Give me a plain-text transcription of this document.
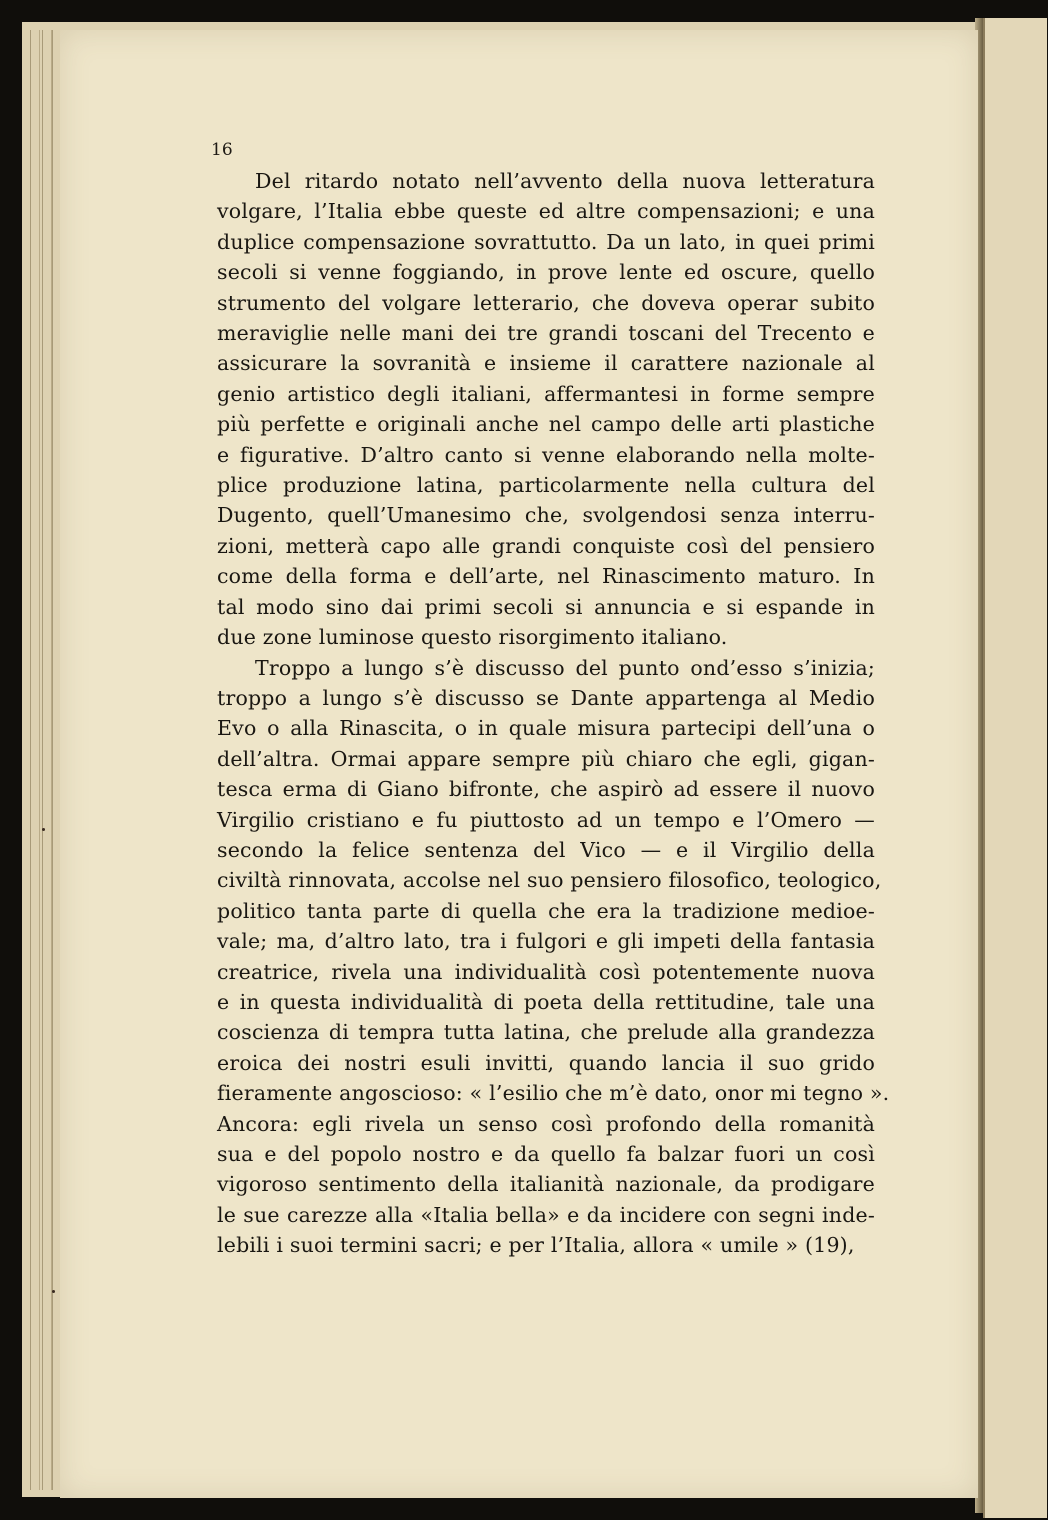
16
Del ritardo notato nell’avvento della nuova letteratura
volgare, l’Italia ebbe queste ed altre compensazioni; e una
duplice compensazione sovrattutto. Da un lato, in quei primi
secoli si venne foggiando, in prove lente ed oscure, quello
strumento del volgare letterario, che doveva operar subito
meraviglie nelle mani dei tre grandi toscani del Trecento e
assicurare la sovranità e insieme il carattere nazionale al
genio artistico degli italiani, affermantesi in forme sempre
più perfette e originali anche nel campo delle arti plastiche
e figurative. D’altro canto si venne elaborando nella molte-
plice produzione latina, particolarmente nella cultura del
Dugento, quell’Umanesimo che, svolgendosi senza interru-
zioni, metterà capo alle grandi conquiste così del pensiero
come della forma e dell’arte, nel Rinascimento maturo. In
tal modo sino dai primi secoli si annuncia e si espande in
due zone luminose questo risorgimento italiano.
Troppo a lungo s’è discusso del punto ond’esso s’inizia;
troppo a lungo s’è discusso se Dante appartenga al Medio
Evo o alla Rinascita, o in quale misura partecipi dell’una o
dell’altra. Ormai appare sempre più chiaro che egli, gigan-
tesca erma di Giano bifronte, che aspirò ad essere il nuovo
Virgilio cristiano e fu piuttosto ad un tempo e l’Omero —
secondo la felice sentenza del Vico — e il Virgilio della
civiltà rinnovata, accolse nel suo pensiero filosofico, teologico,
politico tanta parte di quella che era la tradizione medioe-
vale; ma, d’altro lato, tra i fulgori e gli impeti della fantasia
creatrice, rivela una individualità così potentemente nuova
e in questa individualità di poeta della rettitudine, tale una
coscienza di tempra tutta latina, che prelude alla grandezza
eroica dei nostri esuli invitti, quando lancia il suo grido
fieramente angoscioso: « l’esilio che m’è dato, onor mi tegno ».
Ancora: egli rivela un senso così profondo della romanità
sua e del popolo nostro e da quello fa balzar fuori un così
vigoroso sentimento della italianità nazionale, da prodigare
le sue carezze alla «Italia bella» e da incidere con segni inde-
lebili i suoi termini sacri; e per l’Italia, allora « umile » (19),
